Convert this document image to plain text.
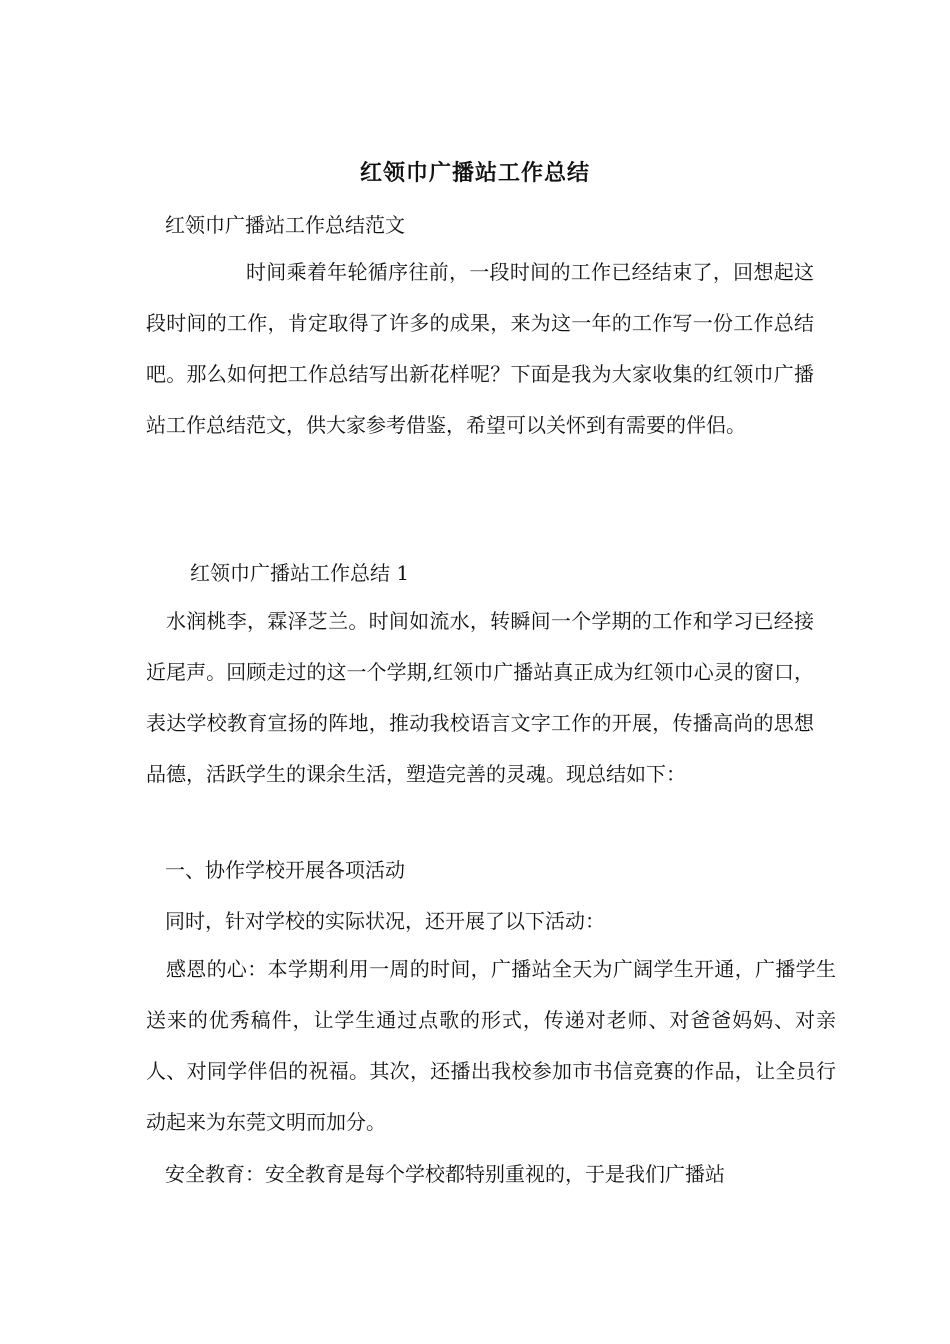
红领巾广播站工作总结
红领巾广播站工作总结范文
时间乘着年轮循序往前，一段时间的工作已经结束了，回想起这段时间的工作，肯定取得了许多的成果，来为这一年的工作写一份工作总结吧。那么如何把工作总结写出新花样呢？下面是我为大家收集的红领巾广播站工作总结范文，供大家参考借鉴，希望可以关怀到有需要的伴侣。
红领巾广播站工作总结 1
水润桃李，霖泽芝兰。时间如流水，转瞬间一个学期的工作和学习已经接近尾声。回顾走过的这一个学期,红领巾广播站真正成为红领巾心灵的窗口，表达学校教育宣扬的阵地，推动我校语言文字工作的开展，传播高尚的思想品德，活跃学生的课余生活，塑造完善的灵魂。现总结如下：
一、协作学校开展各项活动
同时，针对学校的实际状况，还开展了以下活动：
感恩的心：本学期利用一周的时间，广播站全天为广阔学生开通，广播学生送来的优秀稿件，让学生通过点歌的形式，传递对老师、对爸爸妈妈、对亲人、对同学伴侣的祝福。其次，还播出我校参加市书信竞赛的作品，让全员行动起来为东莞文明而加分。
安全教育：安全教育是每个学校都特别重视的，于是我们广播站
